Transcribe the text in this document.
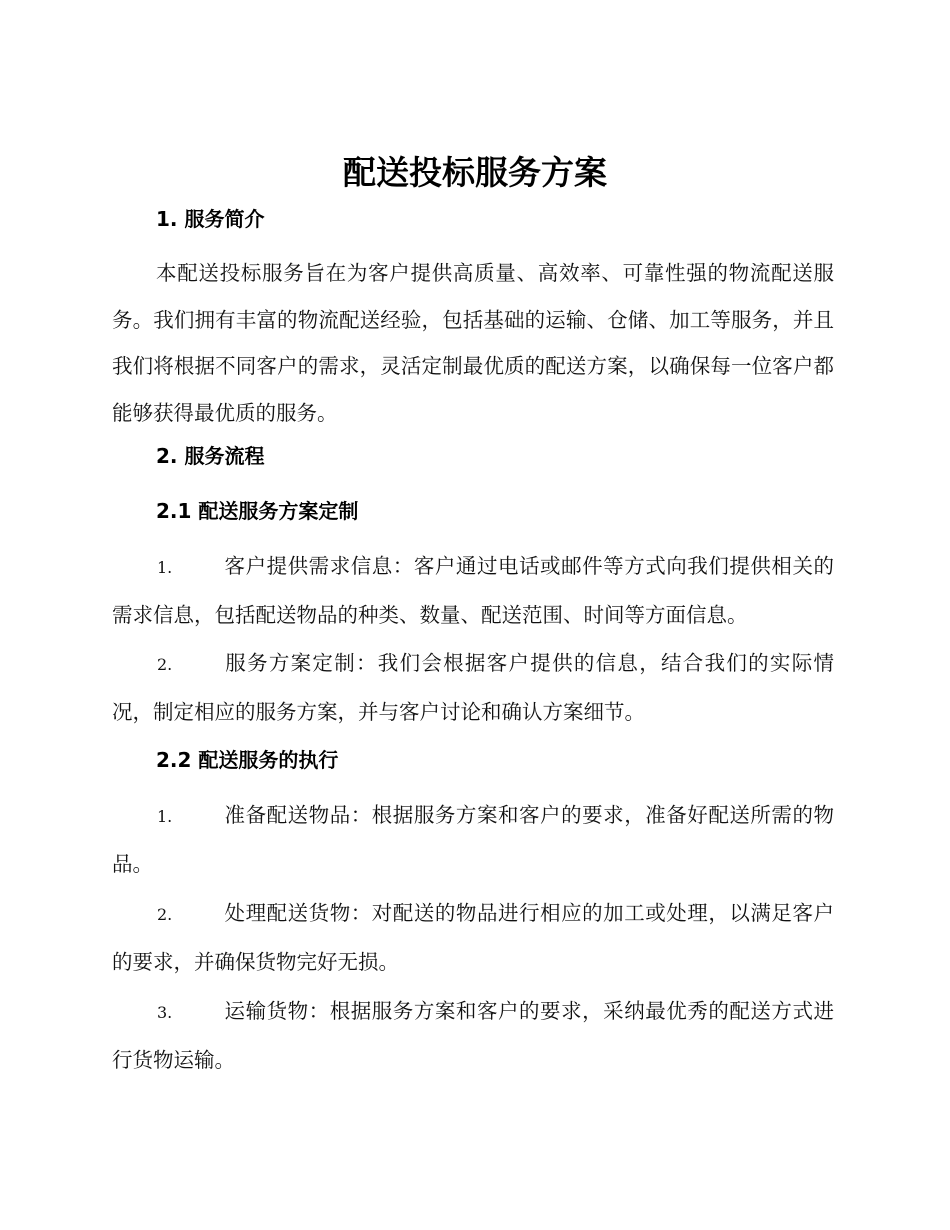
配送投标服务方案
1. 服务简介

本配送投标服务旨在为客户提供高质量、高效率、可靠性强的物流配送服务。我们拥有丰富的物流配送经验，包括基础的运输、仓储、加工等服务，并且我们将根据不同客户的需求，灵活定制最优质的配送方案，以确保每一位客户都能够获得最优质的服务。

2. 服务流程
2.1 配送服务方案定制

1.	客户提供需求信息：客户通过电话或邮件等方式向我们提供相关的需求信息，包括配送物品的种类、数量、配送范围、时间等方面信息。

2.	服务方案定制：我们会根据客户提供的信息，结合我们的实际情况，制定相应的服务方案，并与客户讨论和确认方案细节。

2.2 配送服务的执行

1.	准备配送物品：根据服务方案和客户的要求，准备好配送所需的物品。

2.	处理配送货物：对配送的物品进行相应的加工或处理，以满足客户的要求，并确保货物完好无损。

3.	运输货物：根据服务方案和客户的要求，采纳最优秀的配送方式进行货物运输。
